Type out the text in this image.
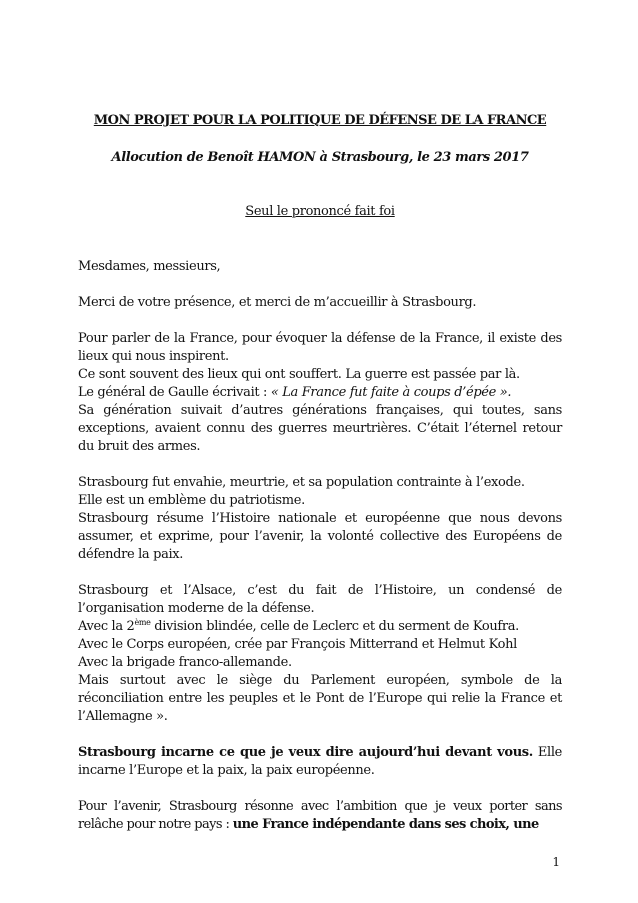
MON PROJET POUR LA POLITIQUE DE DÉFENSE DE LA FRANCE
Allocution de Benoît HAMON à Strasbourg, le 23 mars 2017
Seul le prononcé fait foi

Mesdames, messieurs,

Merci de votre présence, et merci de m’accueillir à Strasbourg.

Pour parler de la France, pour évoquer la défense de la France, il existe des lieux qui nous inspirent.

Ce sont souvent des lieux qui ont souffert. La guerre est passée par là.

Le général de Gaulle écrivait : « La France fut faite à coups d’épée ».

Sa génération suivait d’autres générations françaises, qui toutes, sans exceptions, avaient connu des guerres meurtrières. C’était l’éternel retour du bruit des armes.

Strasbourg fut envahie, meurtrie, et sa population contrainte à l’exode.

Elle est un emblème du patriotisme.

Strasbourg résume l’Histoire nationale et européenne que nous devons assumer, et exprime, pour l’avenir, la volonté collective des Européens de défendre la paix.

Strasbourg et l’Alsace, c’est du fait de l’Histoire, un condensé de l’organisation moderne de la défense.

Avec la 2ème division blindée, celle de Leclerc et du serment de Koufra.

Avec le Corps européen, crée par François Mitterrand et Helmut Kohl

Avec la brigade franco-allemande.

Mais surtout avec le siège du Parlement européen, symbole de la réconciliation entre les peuples et le Pont de l’Europe qui relie la France et l’Allemagne ».

Strasbourg incarne ce que je veux dire aujourd’hui devant vous. Elle incarne l’Europe et la paix, la paix européenne.

Pour l’avenir, Strasbourg résonne avec l’ambition que je veux porter sans relâche pour notre pays : une France indépendante dans ses choix, une

1
